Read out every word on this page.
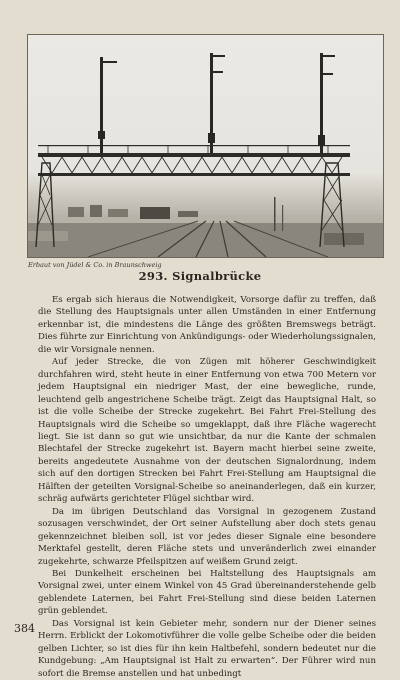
Erbaut von Jüdel & Co. in Braunschweig
293. Signalbrücke

Es ergab sich hieraus die Notwendigkeit, Vorsorge dafür zu treffen, daß die Stellung des Hauptsignals unter allen Umständen in einer Entfernung erkennbar ist, die mindestens die Länge des größten Bremswegs beträgt. Dies führte zur Einrichtung von Ankündigungs- oder Wiederholungssignalen, die wir Vorsignale nennen.

Auf jeder Strecke, die von Zügen mit höherer Geschwindigkeit durchfahren wird, steht heute in einer Entfernung von etwa 700 Metern vor jedem Hauptsignal ein niedriger Mast, der eine bewegliche, runde, leuchtend gelb angestrichene Scheibe trägt. Zeigt das Hauptsignal Halt, so ist die volle Scheibe der Strecke zugekehrt. Bei Fahrt Frei-Stellung des Hauptsignals wird die Scheibe so umgeklappt, daß ihre Fläche wagerecht liegt. Sie ist dann so gut wie unsichtbar, da nur die Kante der schmalen Blechtafel der Strecke zugekehrt ist. Bayern macht hierbei seine zweite, bereits angedeutete Ausnahme von der deutschen Signalordnung, indem sich auf den dortigen Strecken bei Fahrt Frei-Stellung am Hauptsignal die Hälften der geteilten Vorsignal-Scheibe so aneinanderlegen, daß ein kurzer, schräg aufwärts gerichteter Flügel sichtbar wird.

Da im übrigen Deutschland das Vorsignal in gezogenem Zustand sozusagen verschwindet, der Ort seiner Aufstellung aber doch stets genau gekennzeichnet bleiben soll, ist vor jedes dieser Signale eine besondere Merktafel gestellt, deren Fläche stets und unveränderlich zwei einander zugekehrte, schwarze Pfeilspitzen auf weißem Grund zeigt.

Bei Dunkelheit erscheinen bei Haltstellung des Hauptsignals am Vorsignal zwei, unter einem Winkel von 45 Grad übereinanderstehende gelb geblendete Laternen, bei Fahrt Frei-Stellung sind diese beiden Laternen grün geblendet.

Das Vorsignal ist kein Gebieter mehr, sondern nur der Diener seines Herrn. Erblickt der Lokomotivführer die volle gelbe Scheibe oder die beiden gelben Lichter, so ist dies für ihn kein Haltbefehl, sondern bedeutet nur die Kundgebung: „Am Hauptsignal ist Halt zu erwarten“. Der Führer wird nun sofort die Bremse anstellen und hat unbedingt

384
